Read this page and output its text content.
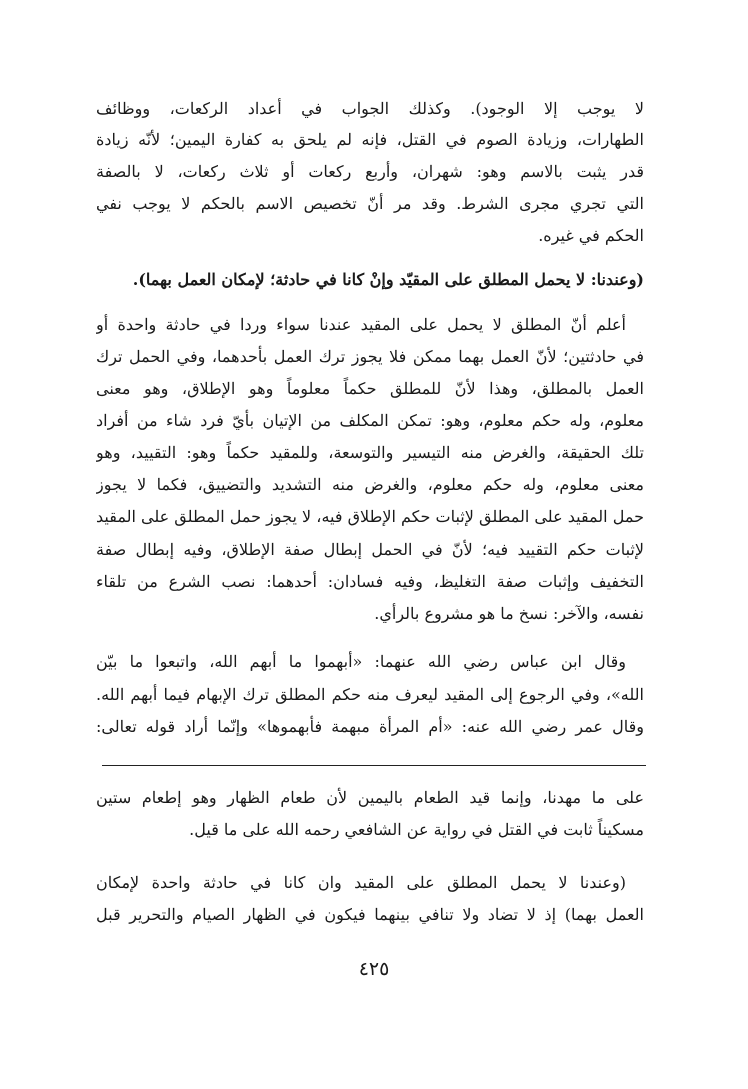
لا يوجب إلا الوجود). وكذلك الجواب في أعداد الركعات، ووظائف
الطهارات، وزيادة الصوم في القتل، فإنه لم يلحق به كفارة اليمين؛ لأنّه زيادة
قدر يثبت بالاسم وهو: شهران، وأربع ركعات أو ثلاث ركعات، لا بالصفة
التي تجري مجرى الشرط. وقد مر أنّ تخصيص الاسم بالحكم لا يوجب نفي
الحكم في غيره.
(وعندنا: لا يحمل المطلق على المقيّد وإنْ كانا في حادثة؛ لإمكان العمل بهما).
أعلم أنّ المطلق لا يحمل على المقيد عندنا سواء وردا في حادثة واحدة أو
في حادثتين؛ لأنّ العمل بهما ممكن فلا يجوز ترك العمل بأحدهما، وفي الحمل ترك
العمل بالمطلق، وهذا لأنّ للمطلق حكماً معلوماً وهو الإطلاق، وهو معنى
معلوم، وله حكم معلوم، وهو: تمكن المكلف من الإتيان بأيّ فرد شاء من أفراد
تلك الحقيقة، والغرض منه التيسير والتوسعة، وللمقيد حكماً وهو: التقييد، وهو
معنى معلوم، وله حكم معلوم، والغرض منه التشديد والتضييق، فكما لا يجوز
حمل المقيد على المطلق لإثبات حكم الإطلاق فيه، لا يجوز حمل المطلق على المقيد
لإثبات حكم التقييد فيه؛ لأنّ في الحمل إبطال صفة الإطلاق، وفيه إبطال صفة
التخفيف وإثبات صفة التغليظ، وفيه فسادان: أحدهما: نصب الشرع من تلقاء
نفسه، والآخر: نسخ ما هو مشروع بالرأي.
وقال ابن عباس رضي الله عنهما: «أبهموا ما أبهم الله، واتبعوا ما بيّن
الله»، وفي الرجوع إلى المقيد ليعرف منه حكم المطلق ترك الإبهام فيما أبهم الله.
وقال عمر رضي الله عنه: «أم المرأة مبهمة فأبهموها» وإنّما أراد قوله تعالى:
على ما مهدنا، وإنما قيد الطعام باليمين لأن طعام الظهار وهو إطعام ستين
مسكيناً ثابت في القتل في رواية عن الشافعي رحمه الله على ما قيل.
(وعندنا لا يحمل المطلق على المقيد وان كانا في حادثة واحدة لإمكان
العمل بهما) إذ لا تضاد ولا تنافي بينهما فيكون في الظهار الصيام والتحرير قبل
٤٢٥
